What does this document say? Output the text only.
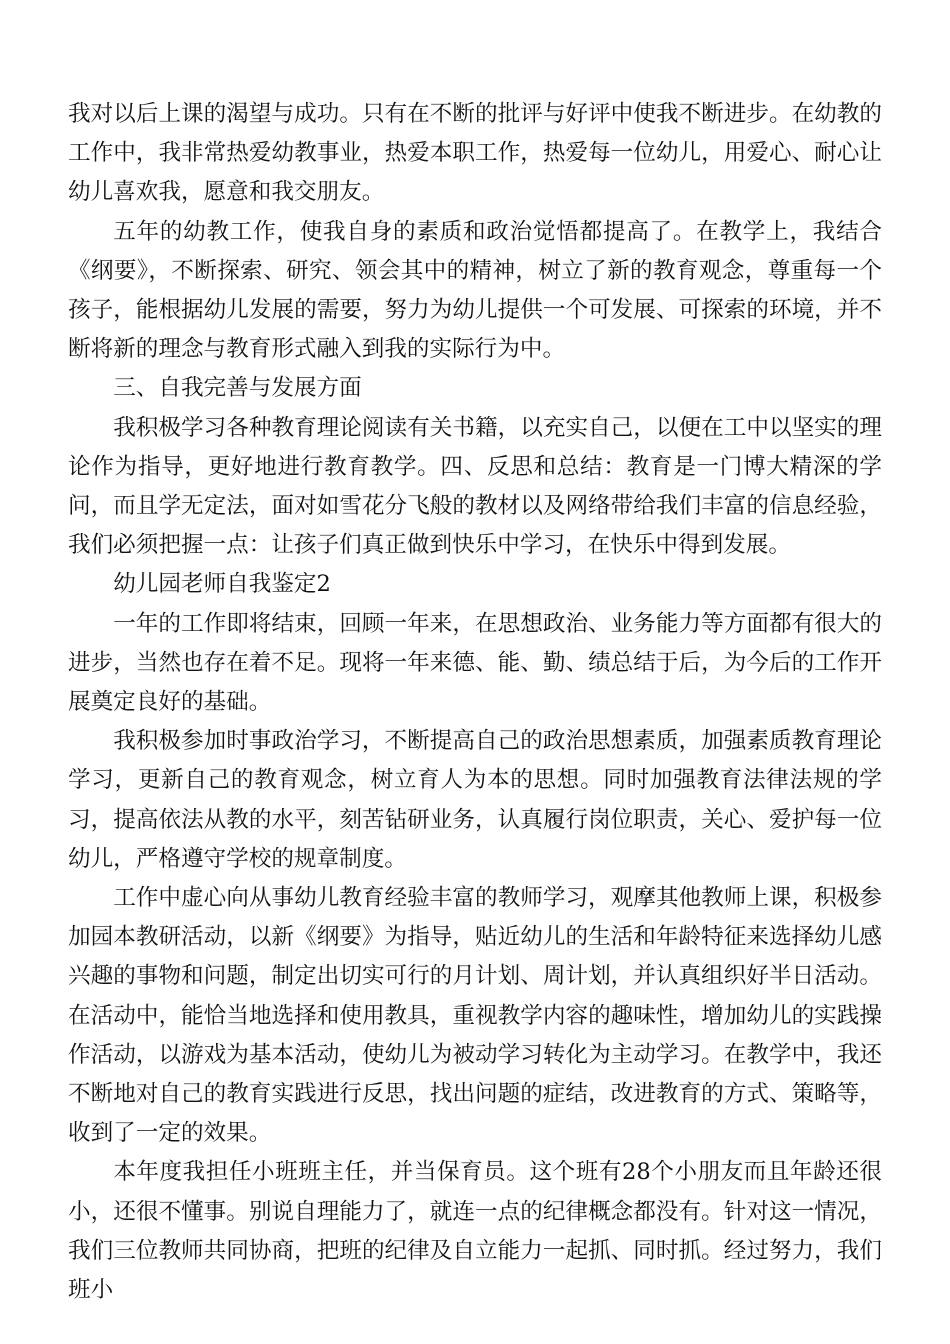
我对以后上课的渴望与成功。只有在不断的批评与好评中使我不断进步。在幼教的工作中，我非常热爱幼教事业，热爱本职工作，热爱每一位幼儿，用爱心、耐心让幼儿喜欢我，愿意和我交朋友。

五年的幼教工作，使我自身的素质和政治觉悟都提高了。在教学上，我结合《纲要》，不断探索、研究、领会其中的精神，树立了新的教育观念，尊重每一个孩子，能根据幼儿发展的需要，努力为幼儿提供一个可发展、可探索的环境，并不断将新的理念与教育形式融入到我的实际行为中。

三、自我完善与发展方面

我积极学习各种教育理论阅读有关书籍，以充实自己，以便在工中以坚实的理论作为指导，更好地进行教育教学。四、反思和总结：教育是一门博大精深的学问，而且学无定法，面对如雪花分飞般的教材以及网络带给我们丰富的信息经验，我们必须把握一点：让孩子们真正做到快乐中学习，在快乐中得到发展。

幼儿园老师自我鉴定2

一年的工作即将结束，回顾一年来，在思想政治、业务能力等方面都有很大的进步，当然也存在着不足。现将一年来德、能、勤、绩总结于后，为今后的工作开展奠定良好的基础。

我积极参加时事政治学习，不断提高自己的政治思想素质，加强素质教育理论学习，更新自己的教育观念，树立育人为本的思想。同时加强教育法律法规的学习，提高依法从教的水平，刻苦钻研业务，认真履行岗位职责，关心、爱护每一位幼儿，严格遵守学校的规章制度。

工作中虚心向从事幼儿教育经验丰富的教师学习，观摩其他教师上课，积极参加园本教研活动，以新《纲要》为指导，贴近幼儿的生活和年龄特征来选择幼儿感兴趣的事物和问题，制定出切实可行的月计划、周计划，并认真组织好半日活动。在活动中，能恰当地选择和使用教具，重视教学内容的趣味性，增加幼儿的实践操作活动，以游戏为基本活动，使幼儿为被动学习转化为主动学习。在教学中，我还不断地对自己的教育实践进行反思，找出问题的症结，改进教育的方式、策略等，收到了一定的效果。

本年度我担任小班班主任，并当保育员。这个班有28个小朋友而且年龄还很小，还很不懂事。别说自理能力了，就连一点的纪律概念都没有。针对这一情况，我们三位教师共同协商，把班的纪律及自立能力一起抓、同时抓。经过努力，我们班小
